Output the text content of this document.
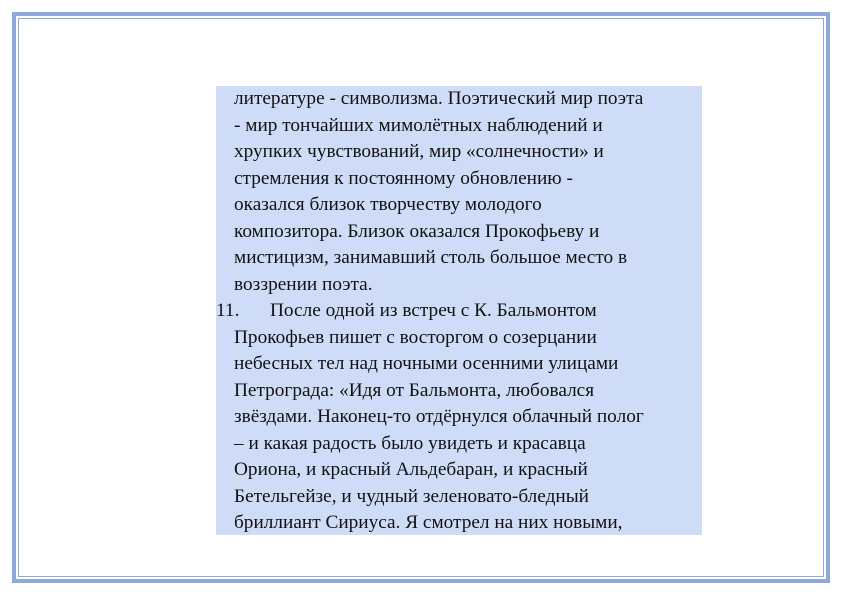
литературе - символизма. Поэтический мир поэта
- мир тончайших мимолётных наблюдений и
хрупких чувствований, мир «солнечности» и
стремления к постоянному обновлению -
оказался близок творчеству молодого
композитора. Близок оказался Прокофьеву и
мистицизм, занимавший столь большое место в
воззрении поэта.
11. После одной из встреч с К. Бальмонтом
Прокофьев пишет с восторгом о созерцании
небесных тел над ночными осенними улицами
Петрограда: «Идя от Бальмонта, любовался
звёздами. Наконец-то отдёрнулся облачный полог
– и какая радость было увидеть и красавца
Ориона, и красный Альдебаран, и красный
Бетельгейзе, и чудный зеленовато-бледный
бриллиант Сириуса. Я смотрел на них новыми,
